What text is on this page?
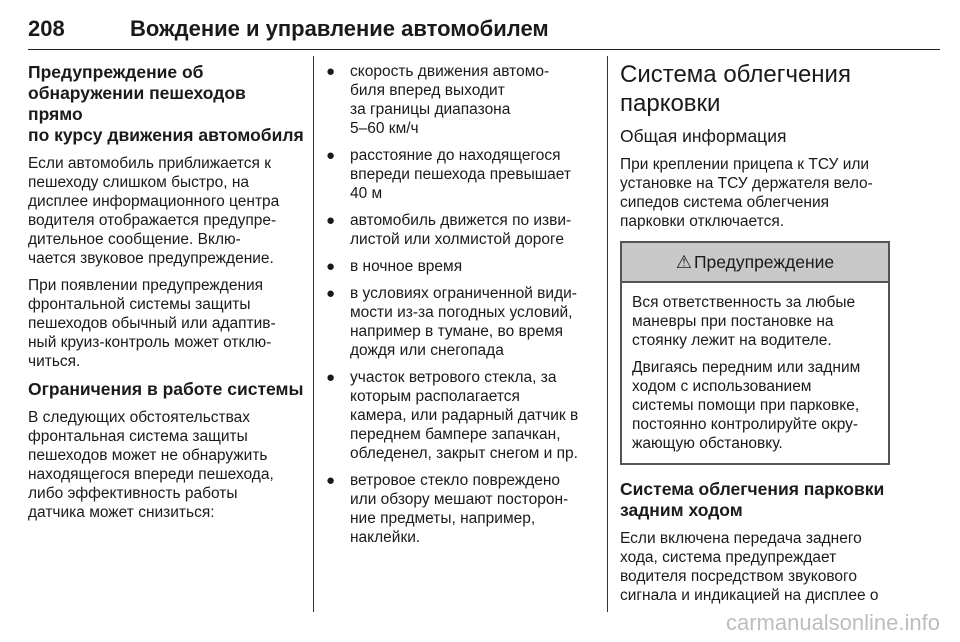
208	Вождение и управление автомобилем
Предупреждение об
обнаружении пешеходов прямо
по курсу движения автомобиля

Если автомобиль приближается к
пешеходу слишком быстро, на
дисплее информационного центра
водителя отображается предупре-
дительное сообщение. Вклю-
чается звуковое предупреждение.

При появлении предупреждения
фронтальной системы защиты
пешеходов обычный или адаптив-
ный круиз-контроль может отклю-
читься.

Ограничения в работе системы

В следующих обстоятельствах
фронтальная система защиты
пешеходов может не обнаружить
находящегося впереди пешехода,
либо эффективность работы
датчика может снизиться:

● скорость движения автомо-
биля вперед выходит
за границы диапазона
5–60 км/ч
● расстояние до находящегося
впереди пешехода превышает
40 м
● автомобиль движется по изви-
листой или холмистой дороге
● в ночное время
● в условиях ограниченной види-
мости из-за погодных условий,
например в тумане, во время
дождя или снегопада
● участок ветрового стекла, за
которым располагается
камера, или радарный датчик в
переднем бампере запачкан,
обледенел, закрыт снегом и пр.
● ветровое стекло повреждено
или обзору мешают посторон-
ние предметы, например,
наклейки.
Система облегчения
парковки
Общая информация

При креплении прицепа к ТСУ или
установке на ТСУ держателя вело-
сипедов система облегчения
парковки отключается.

⚠ Предупреждение

Вся ответственность за любые
маневры при постановке на
стоянку лежит на водителе.

Двигаясь передним или задним
ходом с использованием
системы помощи при парковке,
постоянно контролируйте окру-
жающую обстановку.

Система облегчения парковки
задним ходом

Если включена передача заднего
хода, система предупреждает
водителя посредством звукового
сигнала и индикацией на дисплее о

carmanualsonline.info
